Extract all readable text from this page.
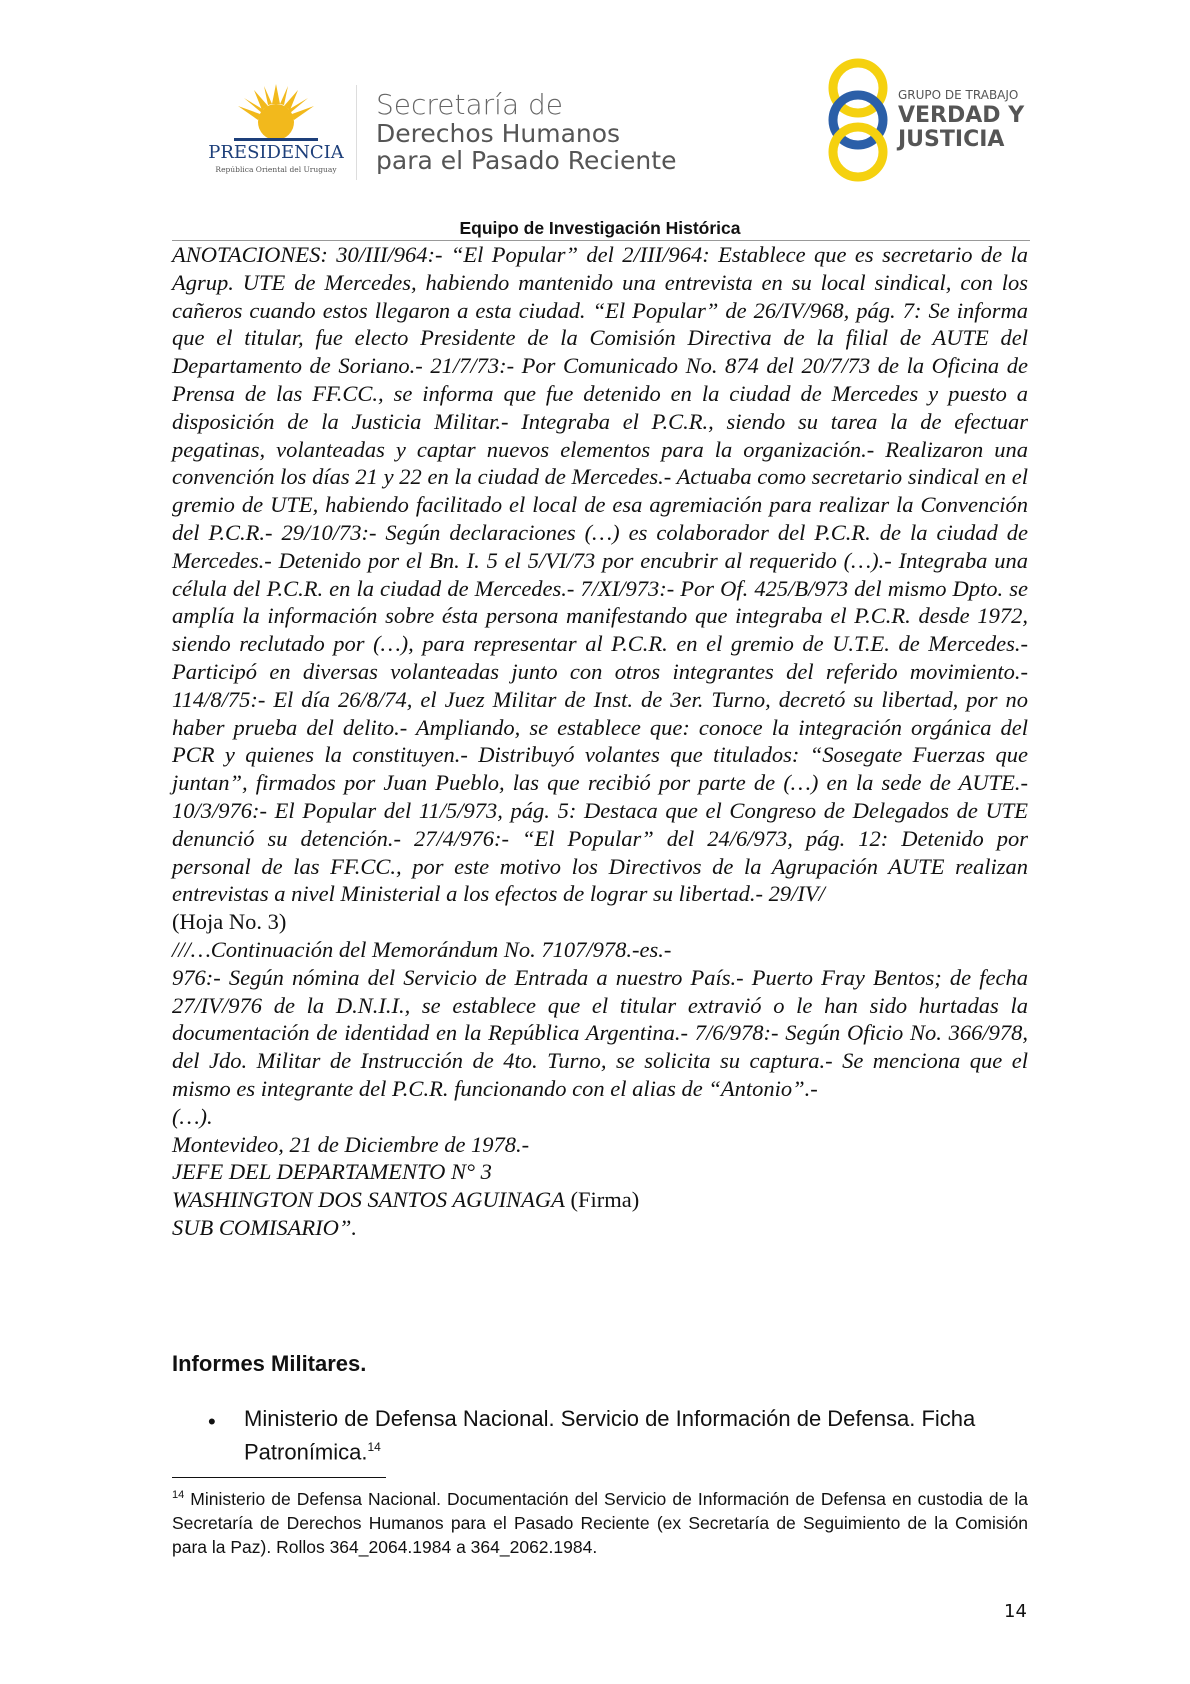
PRESIDENCIA
República Oriental del Uruguay
Secretaría de
Derechos Humanos
para el Pasado Reciente
GRUPO DE TRABAJO
VERDAD Y
JUSTICIA
Equipo de Investigación Histórica

ANOTACIONES: 30/III/964:- “El Popular” del 2/III/964: Establece que es secretario de la Agrup. UTE de Mercedes, habiendo mantenido una entrevista en su local sindical, con los cañeros cuando estos llegaron a esta ciudad. “El Popular” de 26/IV/968, pág. 7: Se informa que el titular, fue electo Presidente de la Comisión Directiva de la filial de AUTE del Departamento de Soriano.- 21/7/73:- Por Comunicado No. 874 del 20/7/73 de la Oficina de Prensa de las FF.CC., se informa que fue detenido en la ciudad de Mercedes y puesto a disposición de la Justicia Militar.- Integraba el P.C.R., siendo su tarea la de efectuar pegatinas, volanteadas y captar nuevos elementos para la organización.- Realizaron una convención los días 21 y 22 en la ciudad de Mercedes.- Actuaba como secretario sindical en el gremio de UTE, habiendo facilitado el local de esa agremiación para realizar la Convención del P.C.R.- 29/10/73:- Según declaraciones (…) es colaborador del P.C.R. de la ciudad de Mercedes.- Detenido por el Bn. I. 5 el 5/VI/73 por encubrir al requerido (…).- Integraba una célula del P.C.R. en la ciudad de Mercedes.- 7/XI/973:- Por Of. 425/B/973 del mismo Dpto. se amplía la información sobre ésta persona manifestando que integraba el P.C.R. desde 1972, siendo reclutado por (…), para representar al P.C.R. en el gremio de U.T.E. de Mercedes.- Participó en diversas volanteadas junto con otros integrantes del referido movimiento.- 114/8/75:- El día 26/8/74, el Juez Militar de Inst. de 3er. Turno, decretó su libertad, por no haber prueba del delito.- Ampliando, se establece que: conoce la integración orgánica del PCR y quienes la constituyen.- Distribuyó volantes que titulados: “Sosegate Fuerzas que juntan”, firmados por Juan Pueblo, las que recibió por parte de (…) en la sede de AUTE.- 10/3/976:- El Popular del 11/5/973, pág. 5: Destaca que el Congreso de Delegados de UTE denunció su detención.- 27/4/976:- “El Popular” del 24/6/973, pág. 12: Detenido por personal de las FF.CC., por este motivo los Directivos de la Agrupación AUTE realizan entrevistas a nivel Ministerial a los efectos de lograr su libertad.- 29/IV/

(Hoja No. 3)

///…Continuación del Memorándum No. 7107/978.-es.-

976:- Según nómina del Servicio de Entrada a nuestro País.- Puerto Fray Bentos; de fecha 27/IV/976 de la D.N.I.I., se establece que el titular extravió o le han sido hurtadas la documentación de identidad en la República Argentina.- 7/6/978:- Según Oficio No. 366/978, del Jdo. Militar de Instrucción de 4to. Turno, se solicita su captura.- Se menciona que el mismo es integrante del P.C.R. funcionando con el alias de “Antonio”.-

(…).

Montevideo, 21 de Diciembre de 1978.-

JEFE DEL DEPARTAMENTO N° 3

WASHINGTON DOS SANTOS AGUINAGA (Firma)

SUB COMISARIO”.

Informes Militares.
• Ministerio de Defensa Nacional. Servicio de Información de Defensa. Ficha Patronímica.$^{14}$
$^{14}$ Ministerio de Defensa Nacional. Documentación del Servicio de Información de Defensa en custodia de la Secretaría de Derechos Humanos para el Pasado Reciente (ex Secretaría de Seguimiento de la Comisión para la Paz). Rollos 364_2064.1984 a 364_2062.1984.
14
